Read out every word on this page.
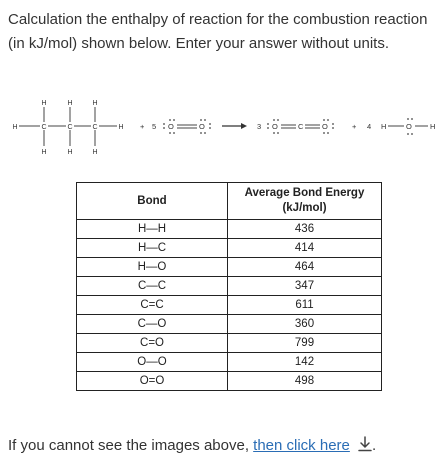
Calculation the enthalpy of reaction for the combustion reaction (in kJ/mol) shown below. Enter your answer without units.
H	H	H
H	C	C	C	H
H	H	H
+ 5 O	O	3 O	C O	+ 4 H	O H
Bond	Average Bond Energy
(kJ/mol)
H—H	436
H—C	414
H—O	464
C—C	347
C=C	611
C—O	360
C=O	799
O—O	142
O=O	498
If you cannot see the images above, then click here .
